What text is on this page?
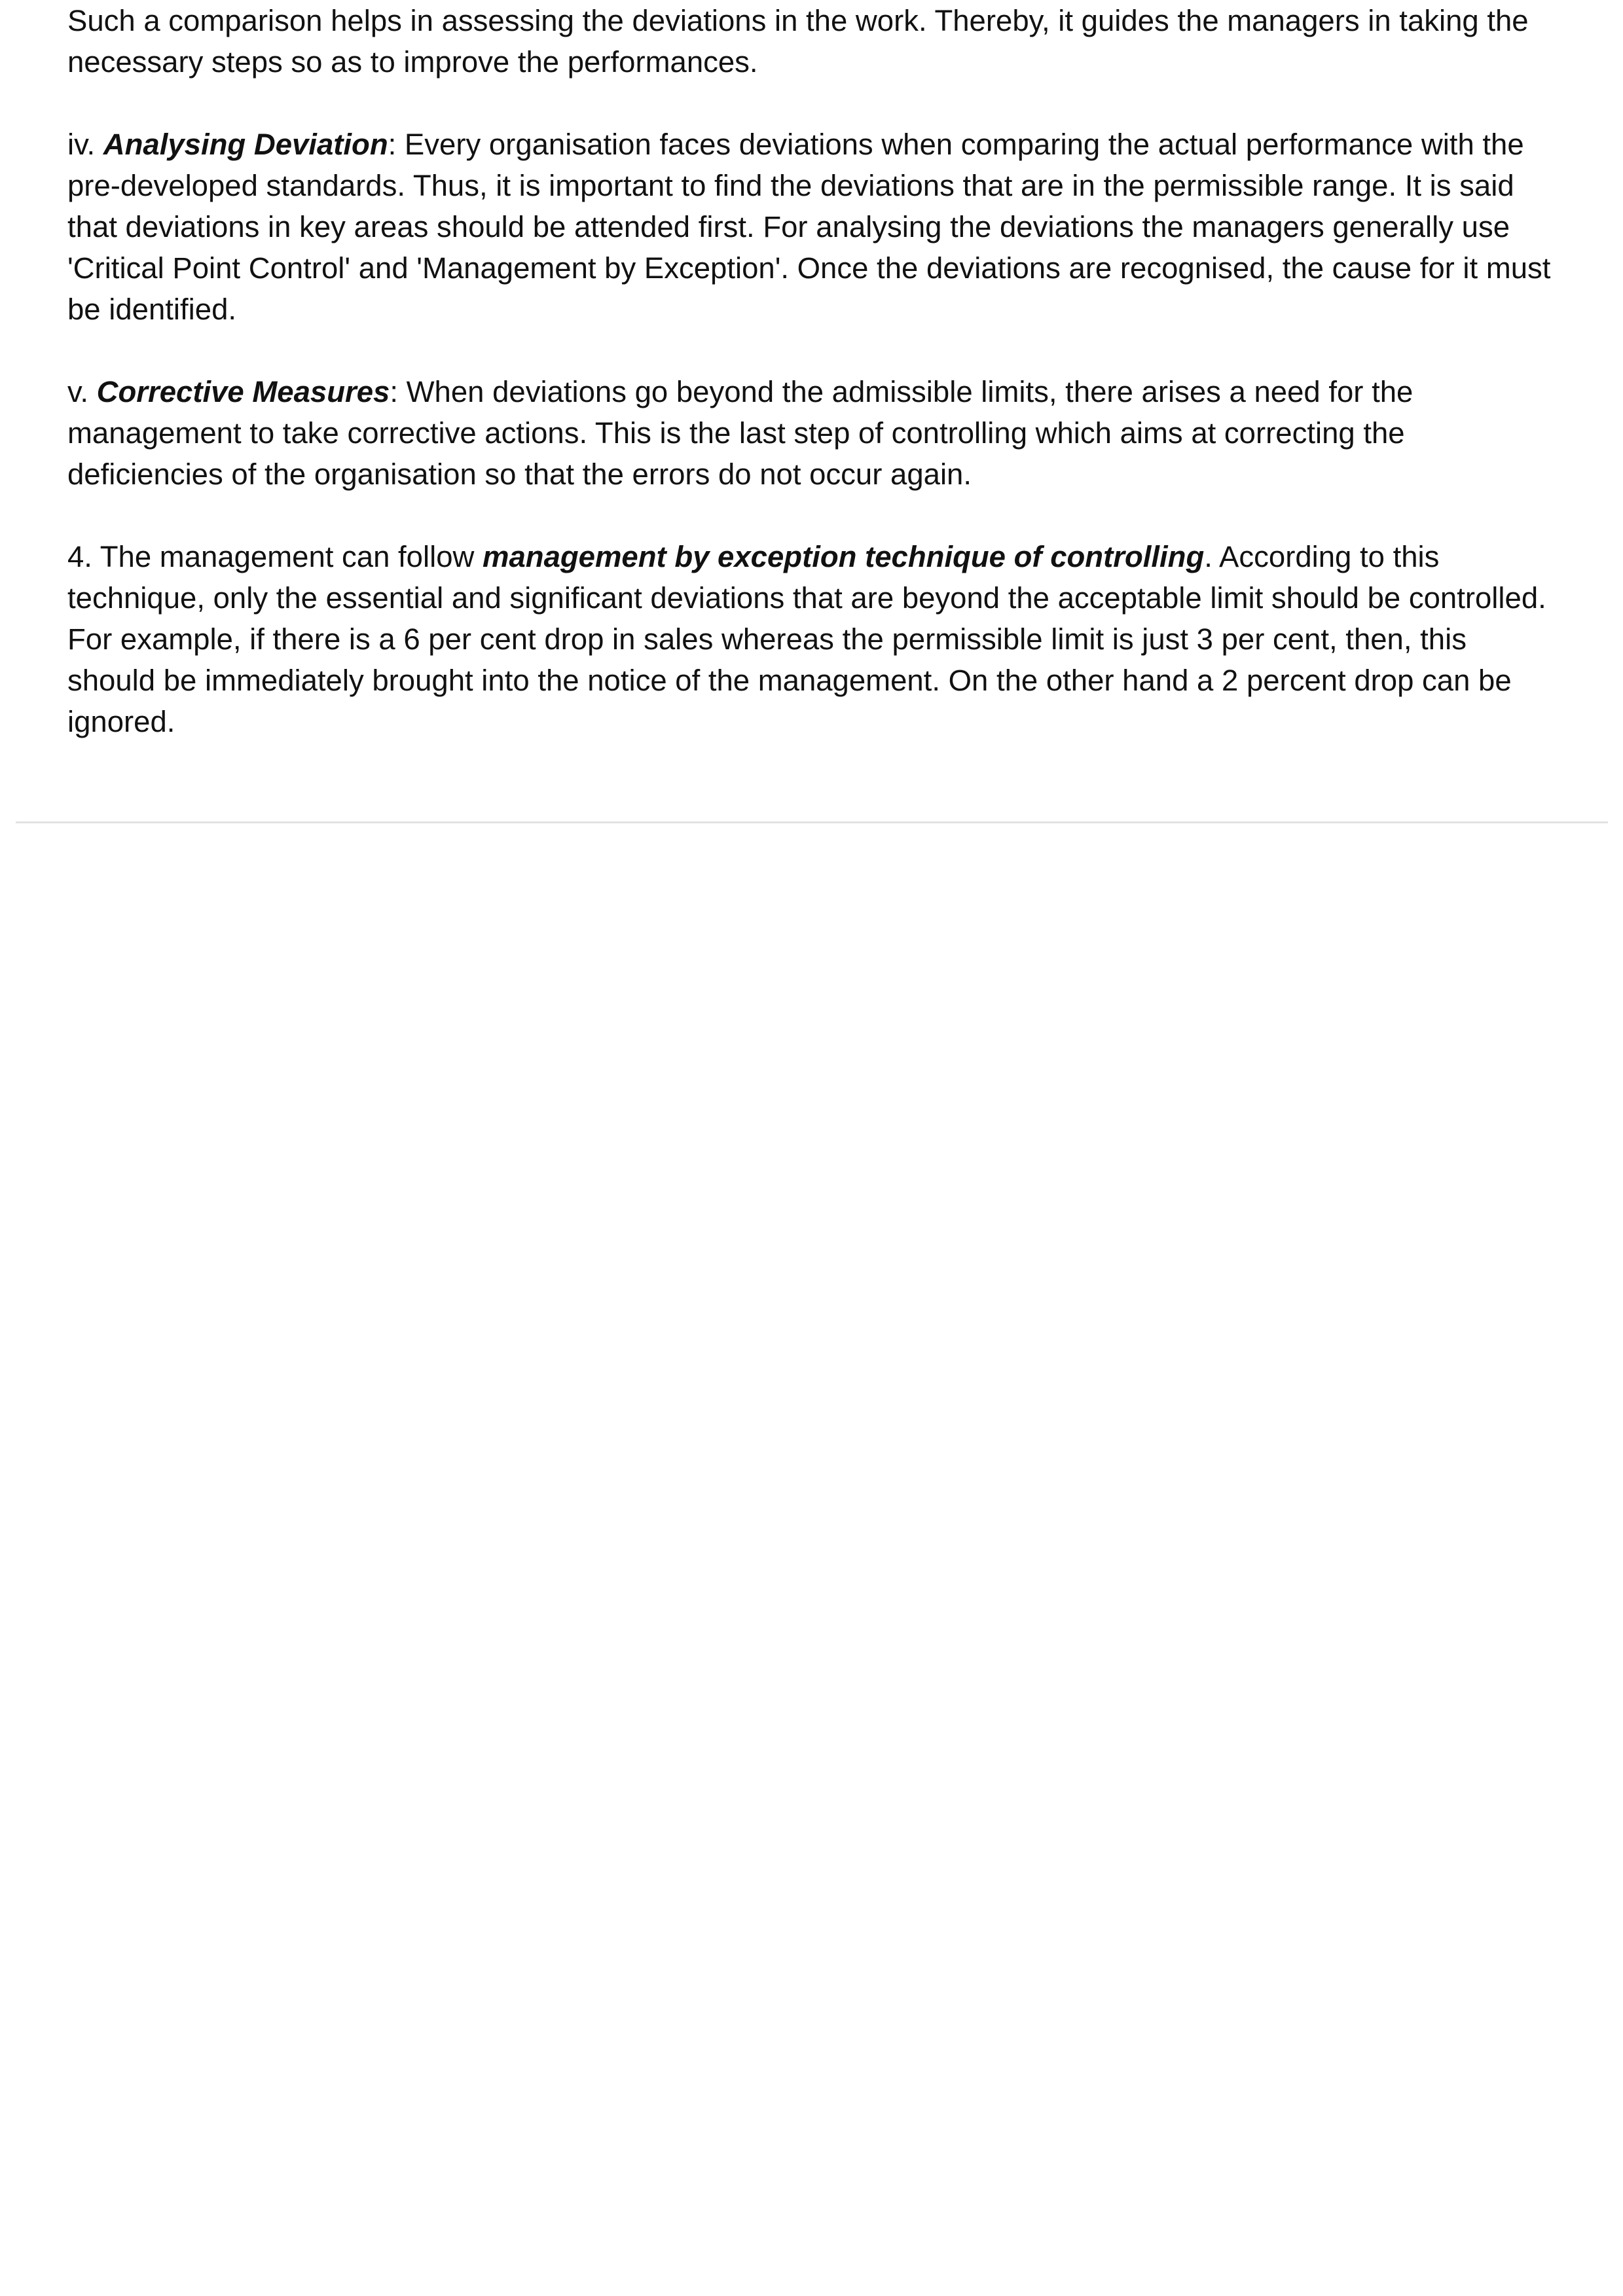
Such a comparison helps in assessing the deviations in the work. Thereby, it guides the managers in taking the
necessary steps so as to improve the performances.

iv. Analysing Deviation: Every organisation faces deviations when comparing the actual performance with the
pre-developed standards. Thus, it is important to find the deviations that are in the permissible range. It is said
that deviations in key areas should be attended first. For analysing the deviations the managers generally use
'Critical Point Control' and 'Management by Exception'. Once the deviations are recognised, the cause for it must
be identified.

v. Corrective Measures: When deviations go beyond the admissible limits, there arises a need for the
management to take corrective actions. This is the last step of controlling which aims at correcting the
deficiencies of the organisation so that the errors do not occur again.

4. The management can follow management by exception technique of controlling. According to this
technique, only the essential and significant deviations that are beyond the acceptable limit should be controlled.
For example, if there is a 6 per cent drop in sales whereas the permissible limit is just 3 per cent, then, this
should be immediately brought into the notice of the management. On the other hand a 2 percent drop can be
ignored.
